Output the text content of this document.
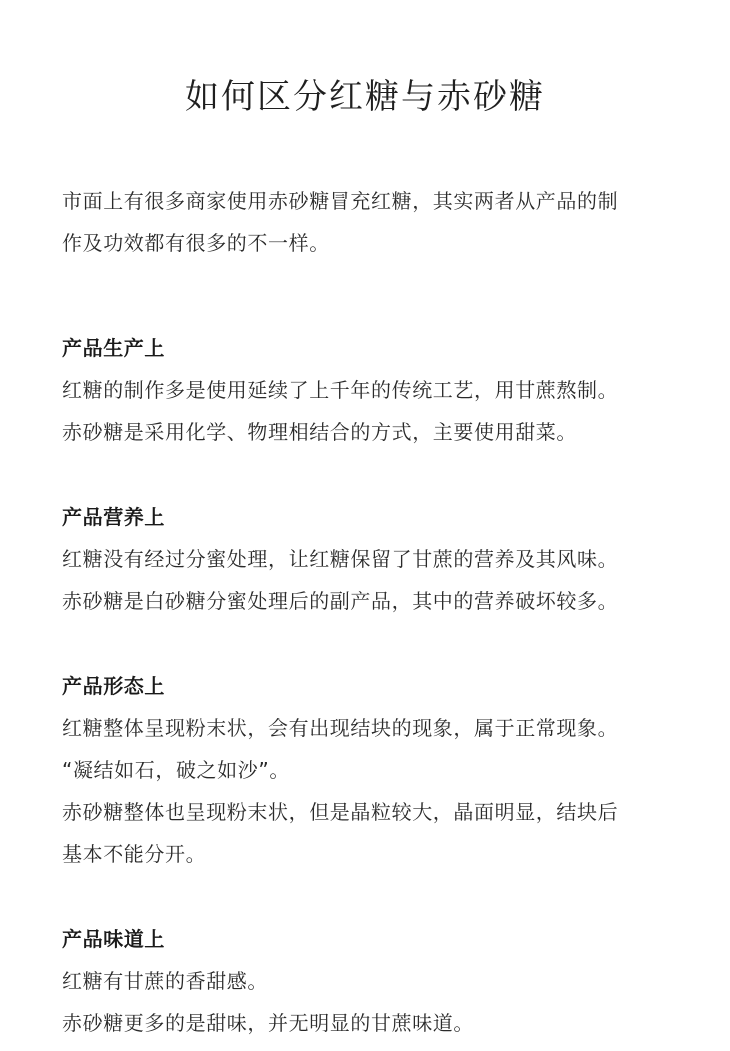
如何区分红糖与赤砂糖

市面上有很多商家使用赤砂糖冒充红糖，其实两者从产品的制

作及功效都有很多的不一样。

产品生产上

红糖的制作多是使用延续了上千年的传统工艺，用甘蔗熬制。

赤砂糖是采用化学、物理相结合的方式，主要使用甜菜。

产品营养上

红糖没有经过分蜜处理，让红糖保留了甘蔗的营养及其风味。

赤砂糖是白砂糖分蜜处理后的副产品，其中的营养破坏较多。

产品形态上

红糖整体呈现粉末状，会有出现结块的现象，属于正常现象。

“凝结如石，破之如沙”。

赤砂糖整体也呈现粉末状，但是晶粒较大，晶面明显，结块后

基本不能分开。

产品味道上

红糖有甘蔗的香甜感。

赤砂糖更多的是甜味，并无明显的甘蔗味道。
